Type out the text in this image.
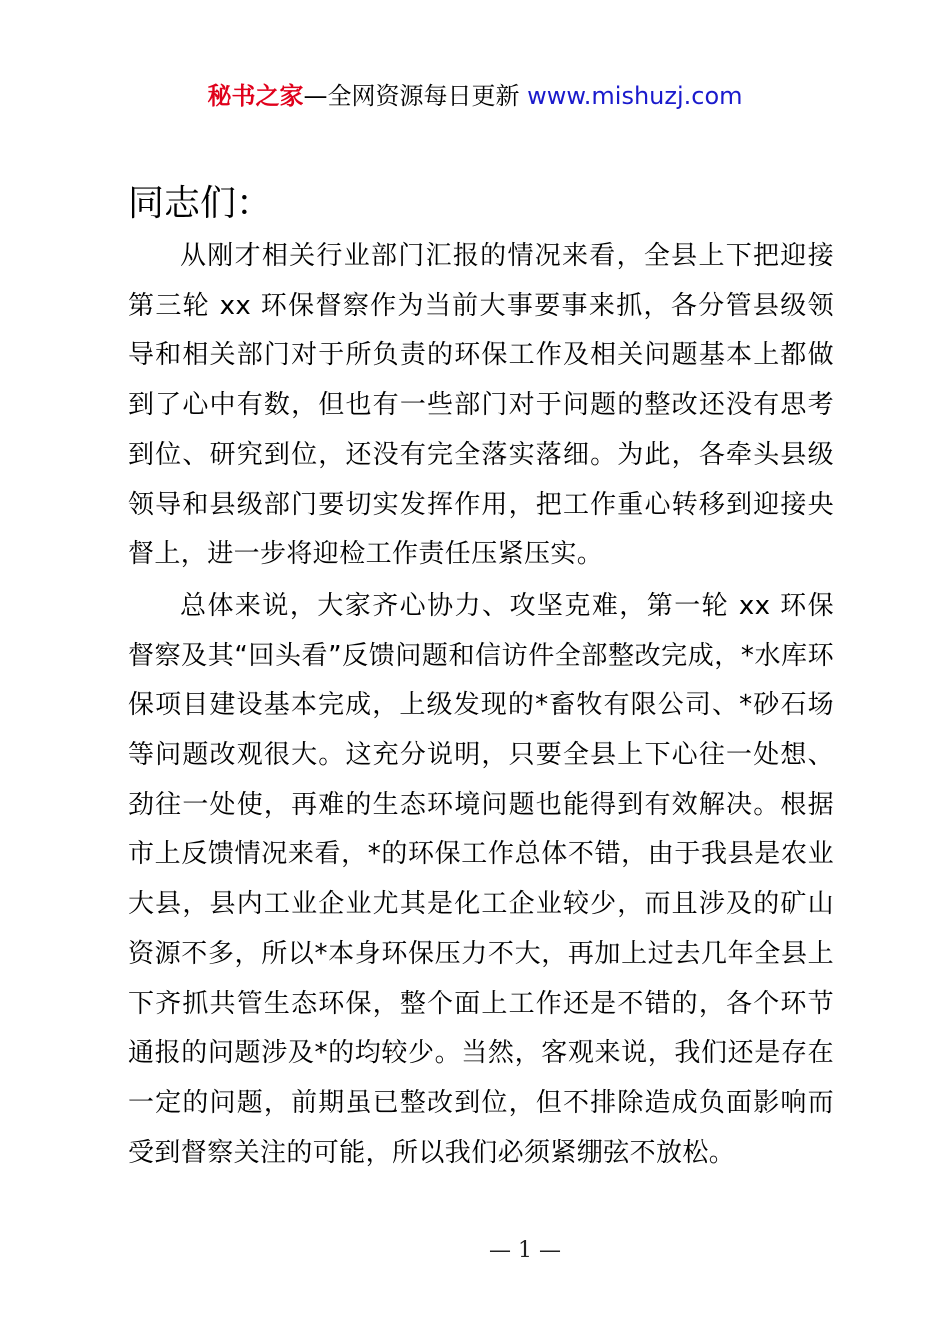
秘书之家—全网资源每日更新 www.mishuzj.com

同志们：

从刚才相关行业部门汇报的情况来看，全县上下把迎接第三轮 xx 环保督察作为当前大事要事来抓，各分管县级领导和相关部门对于所负责的环保工作及相关问题基本上都做到了心中有数，但也有一些部门对于问题的整改还没有思考到位、研究到位，还没有完全落实落细。为此，各牵头县级领导和县级部门要切实发挥作用，把工作重心转移到迎接央督上，进一步将迎检工作责任压紧压实。

总体来说，大家齐心协力、攻坚克难，第一轮 xx 环保督察及其“回头看”反馈问题和信访件全部整改完成，*水库环保项目建设基本完成，上级发现的*畜牧有限公司、*砂石场等问题改观很大。这充分说明，只要全县上下心往一处想、劲往一处使，再难的生态环境问题也能得到有效解决。根据市上反馈情况来看，*的环保工作总体不错，由于我县是农业大县，县内工业企业尤其是化工企业较少，而且涉及的矿山资源不多，所以*本身环保压力不大，再加上过去几年全县上下齐抓共管生态环保，整个面上工作还是不错的，各个环节通报的问题涉及*的均较少。当然，客观来说，我们还是存在一定的问题，前期虽已整改到位，但不排除造成负面影响而受到督察关注的可能，所以我们必须紧绷弦不放松。

— 1 —
